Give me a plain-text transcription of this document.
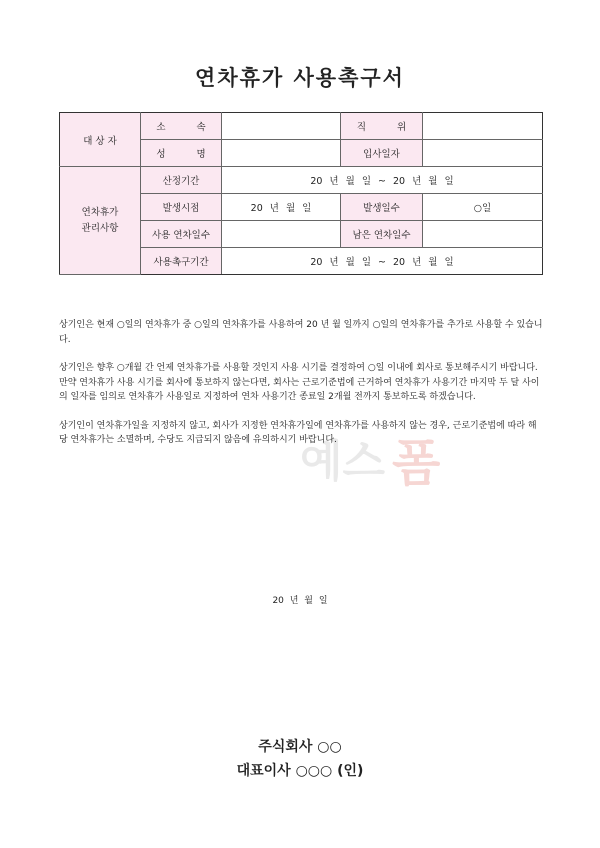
연차휴가 사용촉구서
대 상 자	소 속		직 위	
	성 명		입사일자	
연차휴가
관리사항	산정기간	20 년 월 일 ~ 20 년 월 일		
	발생시점	20 년 월 일	발생일수	○일
	사용 연차일수		남은 연차일수	
	사용촉구기간	20 년 월 일 ~ 20 년 월 일		
예스 폼

상기인은 현재 ○일의 연차휴가 중 ○일의 연차휴가를 사용하여 20 년 월 일까지 ○일의 연차휴가를 추가로 사용할 수 있습니다.

상기인은 향후 ○개월 간 언제 연차휴가를 사용할 것인지 사용 시기를 결정하여 ○일 이내에 회사로 통보해주시기 바랍니다. 만약 연차휴가 사용 시기를 회사에 통보하지 않는다면, 회사는 근로기준법에 근거하여 연차휴가 사용기간 마지막 두 달 사이의 일자를 임의로 연차휴가 사용일로 지정하여 연차 사용기간 종료일 2개월 전까지 통보하도록 하겠습니다.

상기인이 연차휴가일을 지정하지 않고, 회사가 지정한 연차휴가일에 연차휴가를 사용하지 않는 경우, 근로기준법에 따라 해당 연차휴가는 소멸하며, 수당도 지급되지 않음에 유의하시기 바랍니다.

20 년 월 일
주식회사 ○○
대표이사 ○○○ (인)
